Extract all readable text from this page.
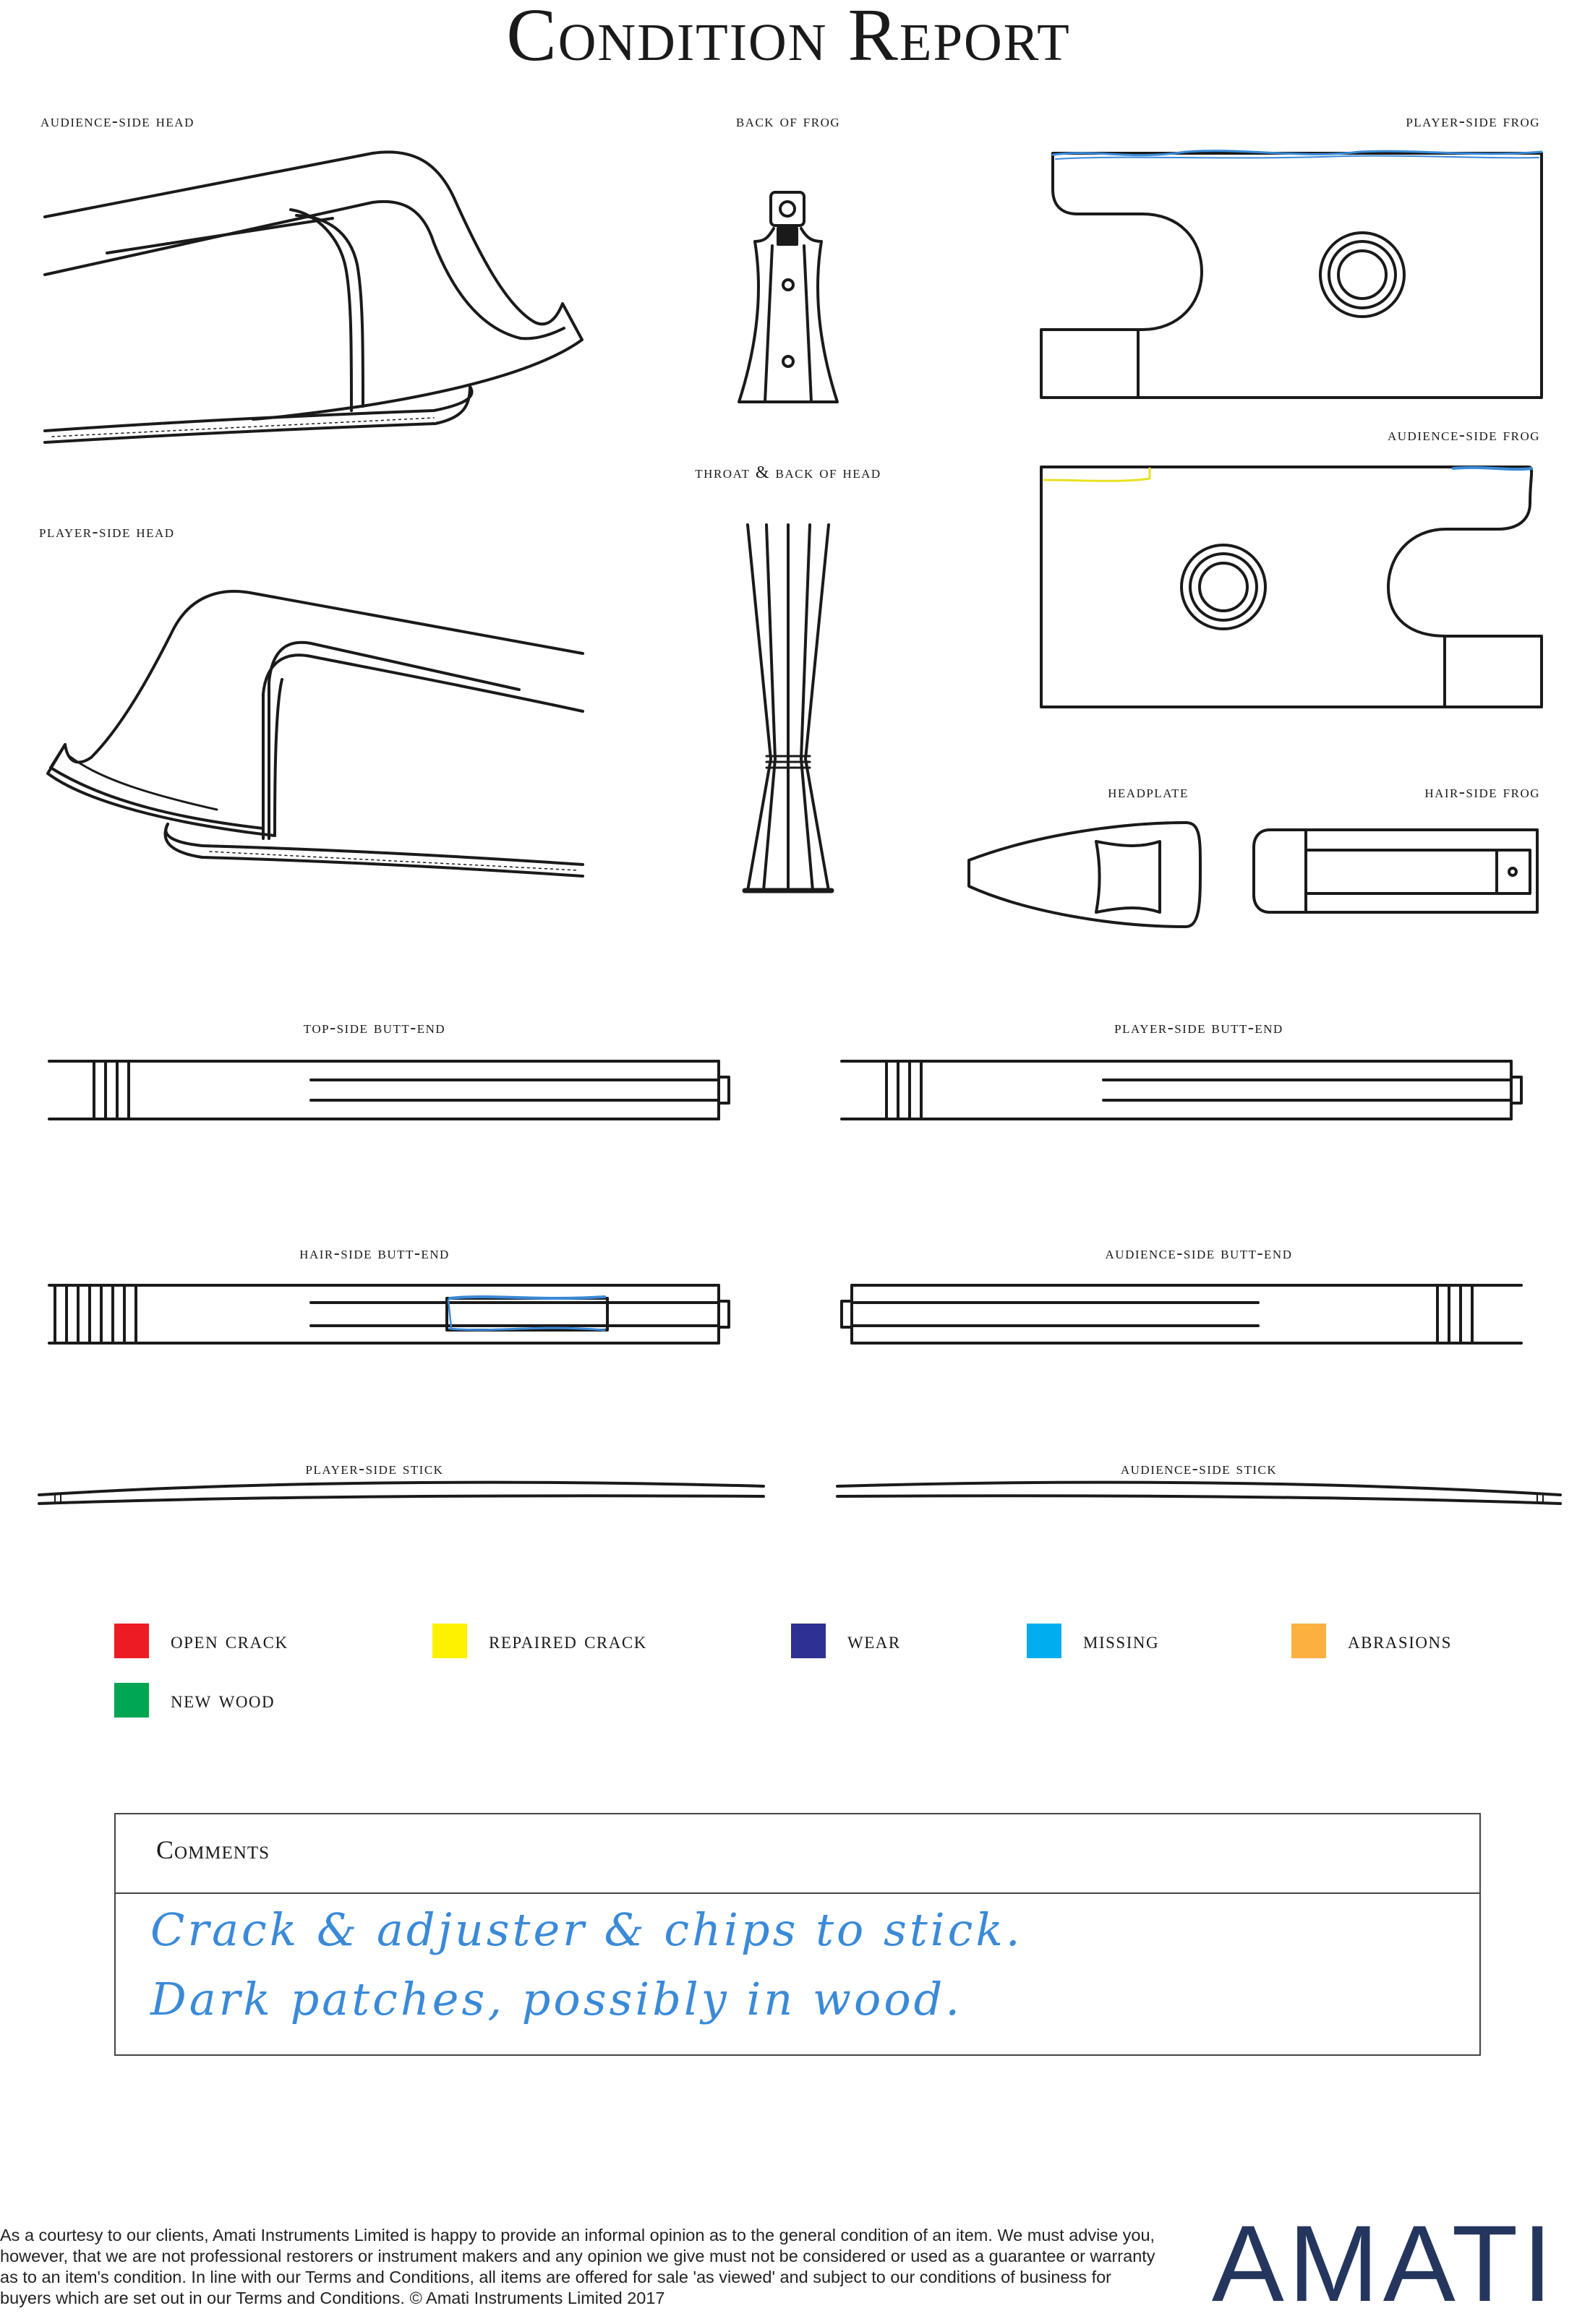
Condition Report
audience-side head	back of frog	player-side frog
audience-side frog
throat & back of head
player-side head
headplate	hair-side frog
top-side butt-end	player-side butt-end
hair-side butt-end	audience-side butt-end
player-side stick	audience-side stick
open crack	repaired crack	wear	missing	abrasions
new wood
Comments
Crack & adjuster & chips to stick.
Dark patches, possibly in wood.
As a courtesy to our clients, Amati Instruments Limited is happy to provide an informal opinion as to the general condition of an item. We must advise you, however, that we are not professional restorers or instrument makers and any opinion we give must not be considered or used as a guarantee or warranty as to an item's condition. In line with our Terms and Conditions, all items are offered for sale 'as viewed' and subject to our conditions of business for buyers which are set out in our Terms and Conditions. © Amati Instruments Limited 2017	AMATI
